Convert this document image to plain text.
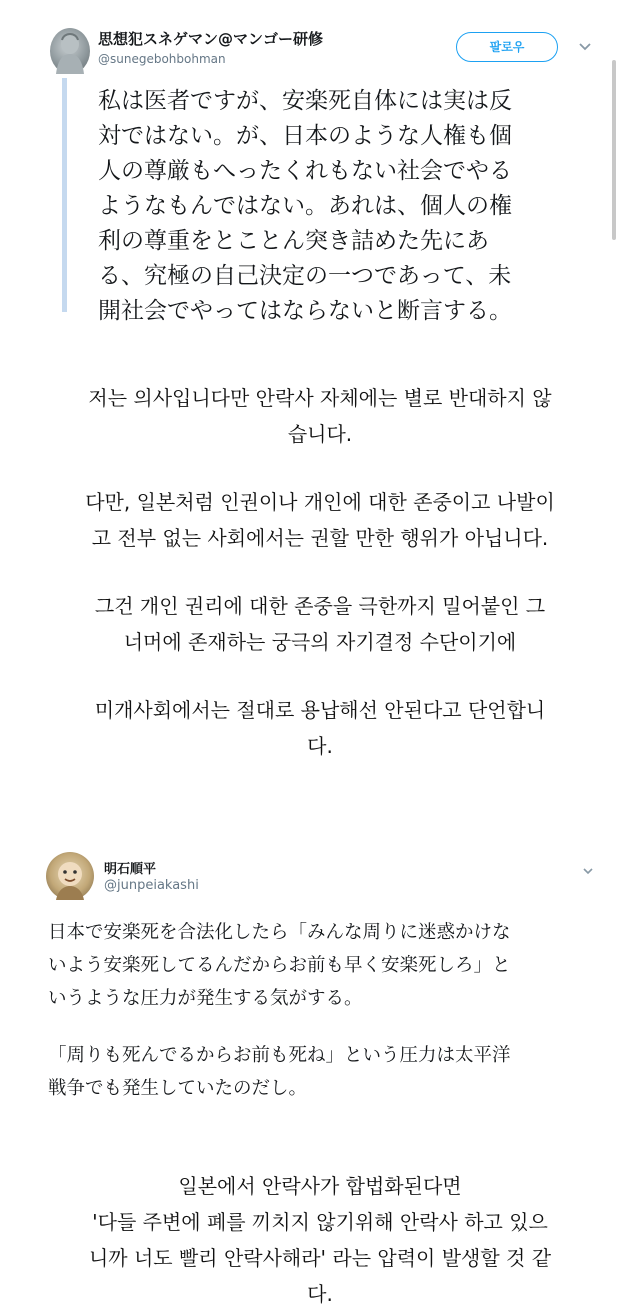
思想犯スネゲマン@マンゴー研修
@sunegebohbohman
팔로우
私は医者ですが、安楽死自体には実は反
対ではない。が、日本のような人権も個
人の尊厳もへったくれもない社会でやる
ようなもんではない。あれは、個人の権
利の尊重をとことん突き詰めた先にあ
る、究極の自己決定の一つであって、未
開社会でやってはならないと断言する。
저는 의사입니다만 안락사 자체에는 별로 반대하지 않
습니다.
다만, 일본처럼 인권이나 개인에 대한 존중이고 나발이
고 전부 없는 사회에서는 권할 만한 행위가 아닙니다.
그건 개인 권리에 대한 존중을 극한까지 밀어붙인 그
너머에 존재하는 궁극의 자기결정 수단이기에
미개사회에서는 절대로 용납해선 안된다고 단언합니
다.
明石順平
@junpeiakashi
日本で安楽死を合法化したら「みんな周りに迷惑かけな
いよう安楽死してるんだからお前も早く安楽死しろ」と
いうような圧力が発生する気がする。
「周りも死んでるからお前も死ね」という圧力は太平洋
戦争でも発生していたのだし。
일본에서 안락사가 합법화된다면
'다들 주변에 폐를 끼치지 않기위해 안락사 하고 있으
니까 너도 빨리 안락사해라' 라는 압력이 발생할 것 같
다.
